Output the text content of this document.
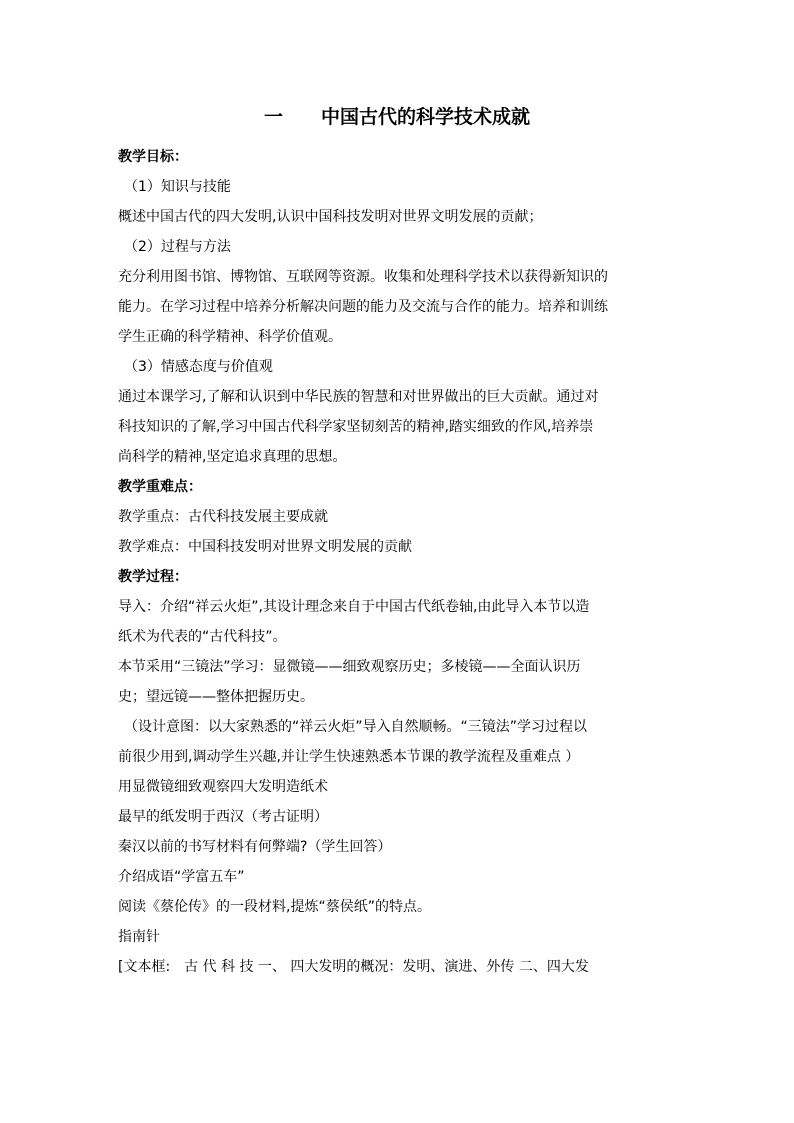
一　　中国古代的科学技术成就
教学目标：
（1）知识与技能
概述中国古代的四大发明,认识中国科技发明对世界文明发展的贡献；
（2）过程与方法
充分利用图书馆、博物馆、互联网等资源。收集和处理科学技术以获得新知识的
能力。在学习过程中培养分析解决问题的能力及交流与合作的能力。培养和训练
学生正确的科学精神、科学价值观。
（3）情感态度与价值观
通过本课学习,了解和认识到中华民族的智慧和对世界做出的巨大贡献。通过对
科技知识的了解,学习中国古代科学家坚韧刻苦的精神,踏实细致的作风,培养崇
尚科学的精神,坚定追求真理的思想。
教学重难点：
教学重点：古代科技发展主要成就
教学难点：中国科技发明对世界文明发展的贡献
教学过程：
导入：介绍“祥云火炬”,其设计理念来自于中国古代纸卷轴,由此导入本节以造
纸术为代表的“古代科技”。
本节采用“三镜法”学习：显微镜——细致观察历史；多棱镜——全面认识历
史；望远镜——整体把握历史。
（设计意图：以大家熟悉的“祥云火炬”导入自然顺畅。“三镜法”学习过程以
前很少用到,调动学生兴趣,并让学生快速熟悉本节课的教学流程及重难点 ）
用显微镜细致观察四大发明造纸术
最早的纸发明于西汉（考古证明）
秦汉以前的书写材料有何弊端?（学生回答）
介绍成语“学富五车”
阅读《蔡伦传》的一段材料,提炼“蔡侯纸”的特点。
指南针
[文本框:　古 代 科 技 一、 四大发明的概况：发明、演进、外传 二、四大发
